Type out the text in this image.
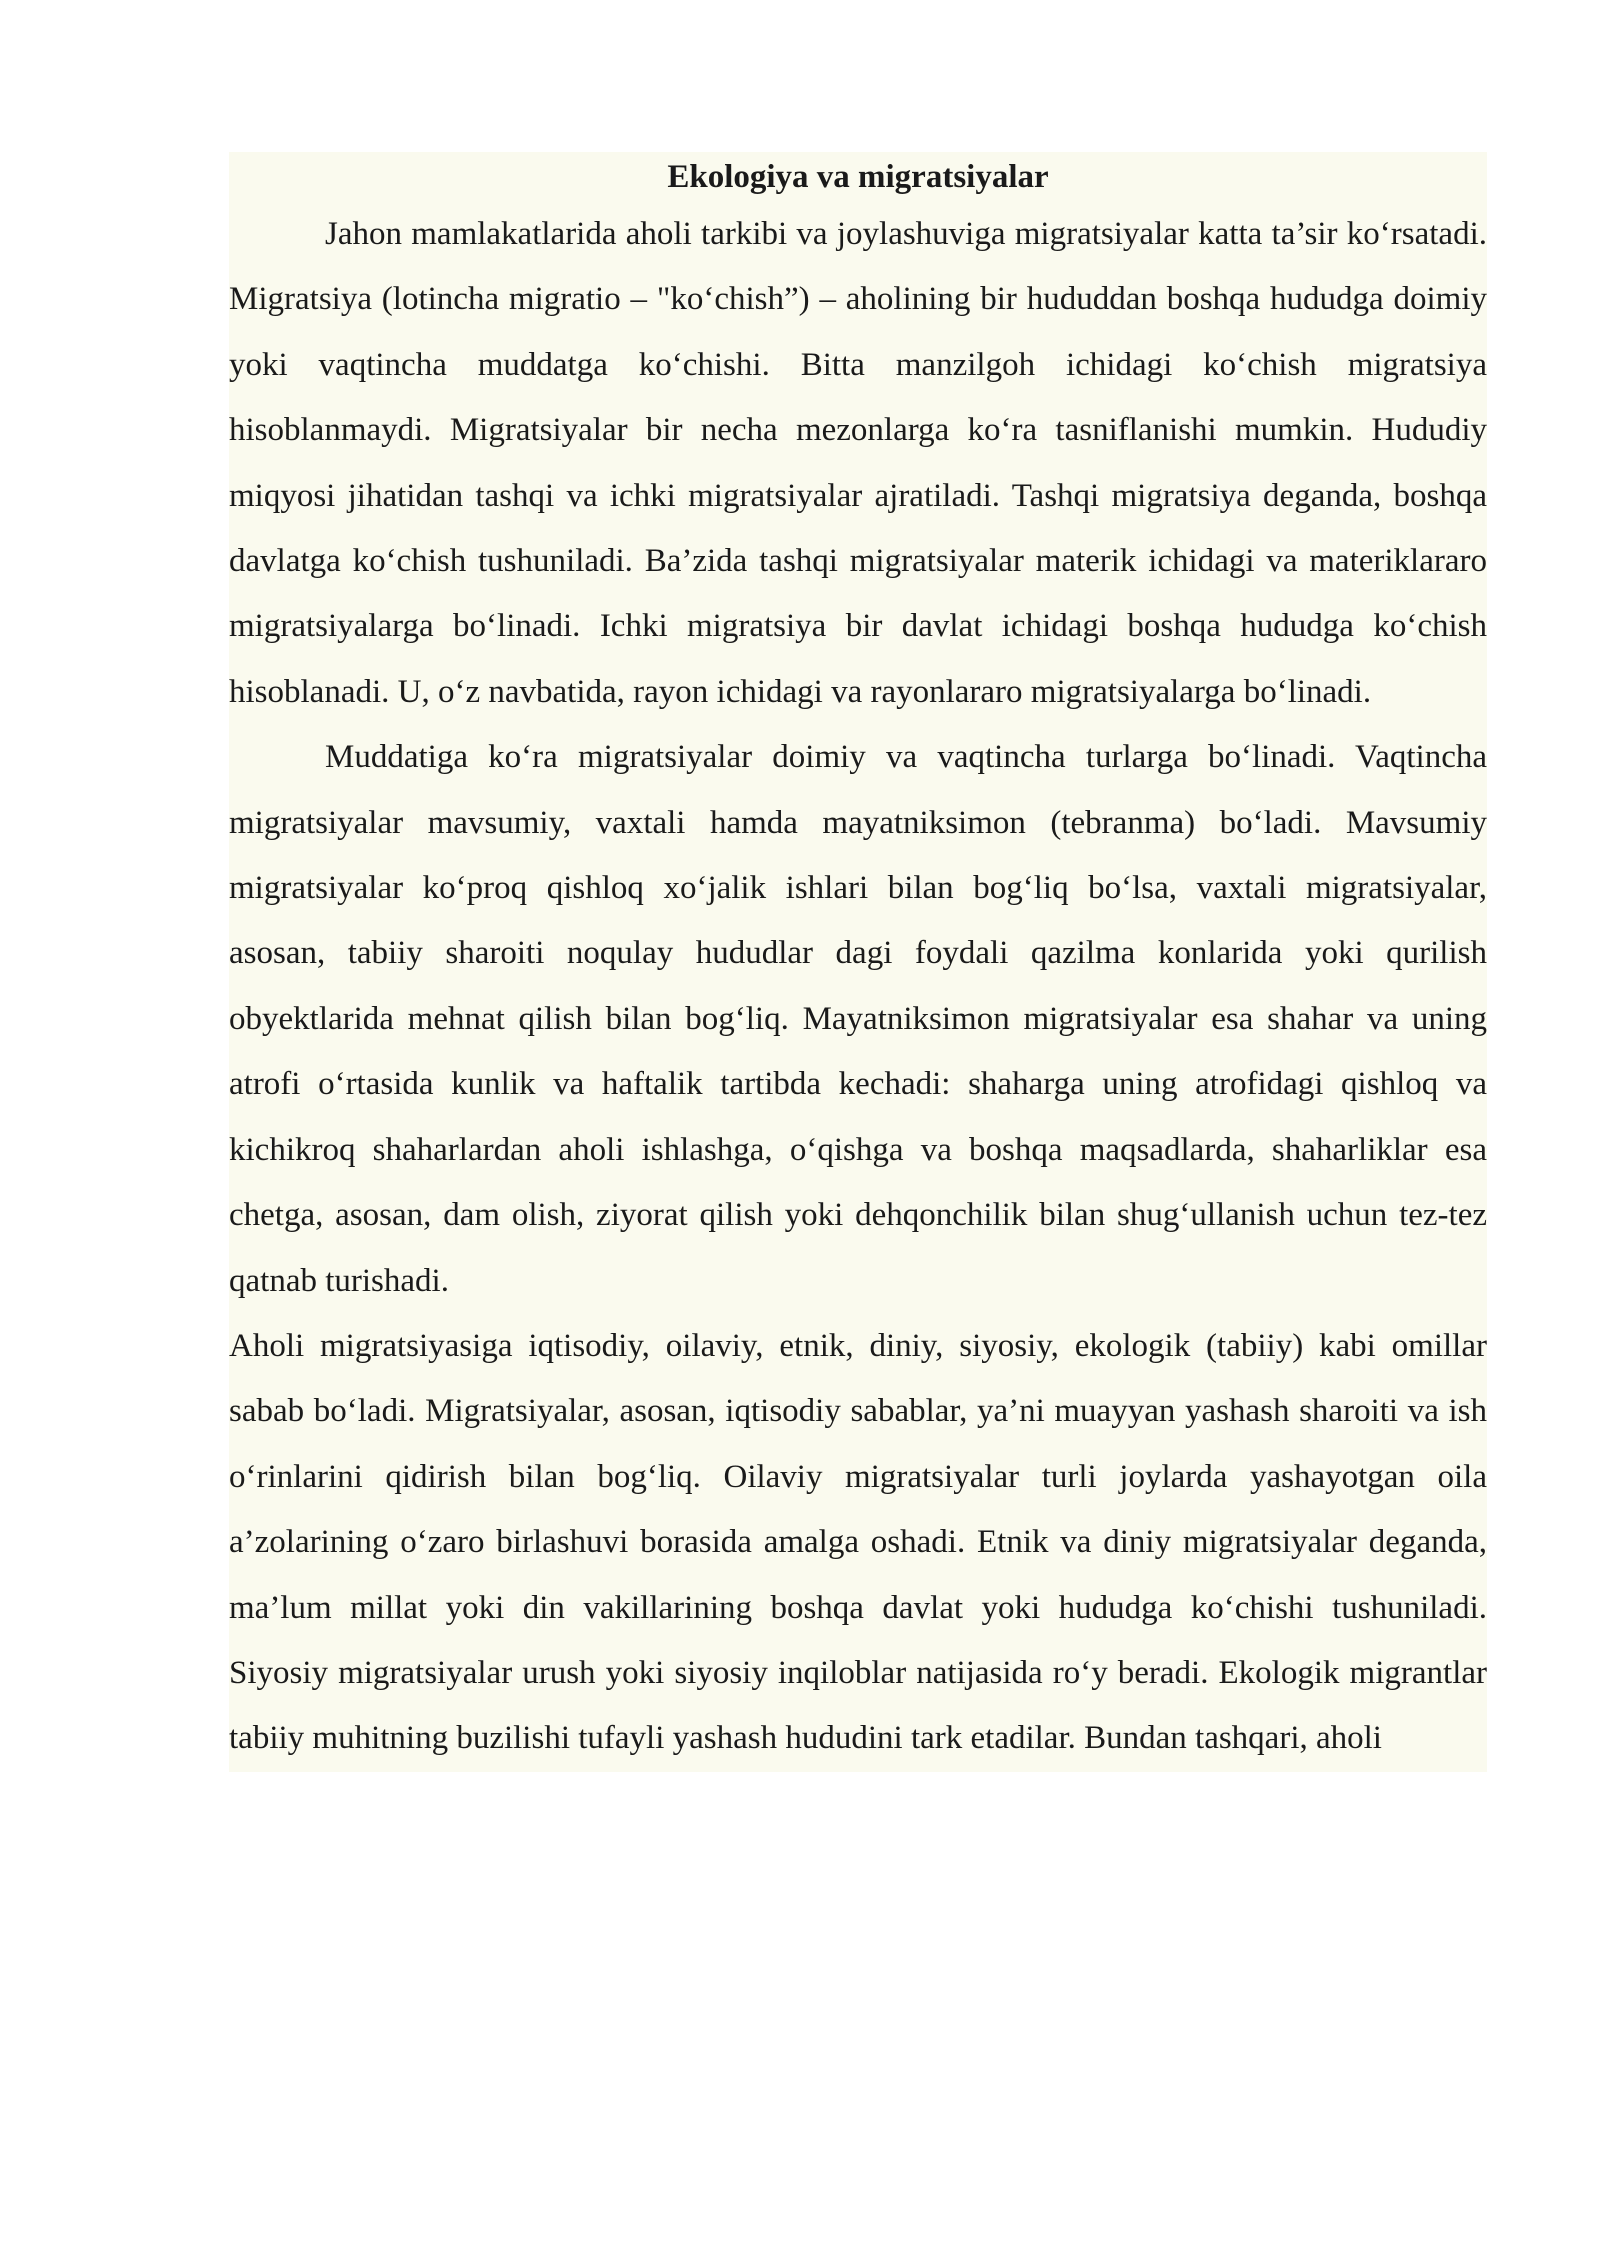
Ekologiya va migratsiyalar

Jahon mamlakatlarida aholi tarkibi va joylashuviga migratsiyalar katta ta’sir ko‘rsatadi. Migratsiya (lotincha migratio – "ko‘chish”) – aholining bir hududdan boshqa hududga doimiy yoki vaqtincha muddatga ko‘chishi. Bitta manzilgoh ichidagi ko‘chish migratsiya hisoblanmaydi. Migratsiyalar bir necha mezonlarga ko‘ra tasniflanishi mumkin. Hududiy miqyosi jihatidan tashqi va ichki migratsiyalar ajratiladi. Tashqi migratsiya deganda, boshqa davlatga ko‘chish tushuniladi. Ba’zida tashqi migratsiyalar materik ichidagi va materiklararo migratsiyalarga bo‘linadi. Ichki migratsiya bir davlat ichidagi boshqa hududga ko‘chish hisoblanadi. U, o‘z navbatida, rayon ichidagi va rayonlararo migratsiyalarga bo‘linadi.

Muddatiga ko‘ra migratsiyalar doimiy va vaqtincha turlarga bo‘linadi. Vaqtincha migratsiyalar mavsumiy, vaxtali hamda mayatniksimon (tebranma) bo‘ladi. Mavsumiy migratsiyalar ko‘proq qishloq xo‘jalik ishlari bilan bog‘liq bo‘lsa, vaxtali migratsiyalar, asosan, tabiiy sharoiti noqulay hududlar dagi foydali qazilma konlarida yoki qurilish obyektlarida mehnat qilish bilan bog‘liq. Mayatniksimon migratsiyalar esa shahar va uning atrofi o‘rtasida kunlik va haftalik tartibda kechadi: shaharga uning atrofidagi qishloq va kichikroq shaharlardan aholi ishlashga, o‘qishga va boshqa maqsadlarda, shaharliklar esa chetga, asosan, dam olish, ziyorat qilish yoki dehqonchilik bilan shug‘ullanish uchun tez-tez qatnab turishadi.

Aholi migratsiyasiga iqtisodiy, oilaviy, etnik, diniy, siyosiy, ekologik (tabiiy) kabi omillar sabab bo‘ladi. Migratsiyalar, asosan, iqtisodiy sabablar, ya’ni muayyan yashash sharoiti va ish o‘rinlarini qidirish bilan bog‘liq. Oilaviy migratsiyalar turli joylarda yashayotgan oila a’zolarining o‘zaro birlashuvi borasida amalga oshadi. Etnik va diniy migratsiyalar deganda, ma’lum millat yoki din vakillarining boshqa davlat yoki hududga ko‘chishi tushuniladi. Siyosiy migratsiyalar urush yoki siyosiy inqiloblar natijasida ro‘y beradi. Ekologik migrantlar tabiiy muhitning buzilishi tufayli yashash hududini tark etadilar. Bundan tashqari, aholi
